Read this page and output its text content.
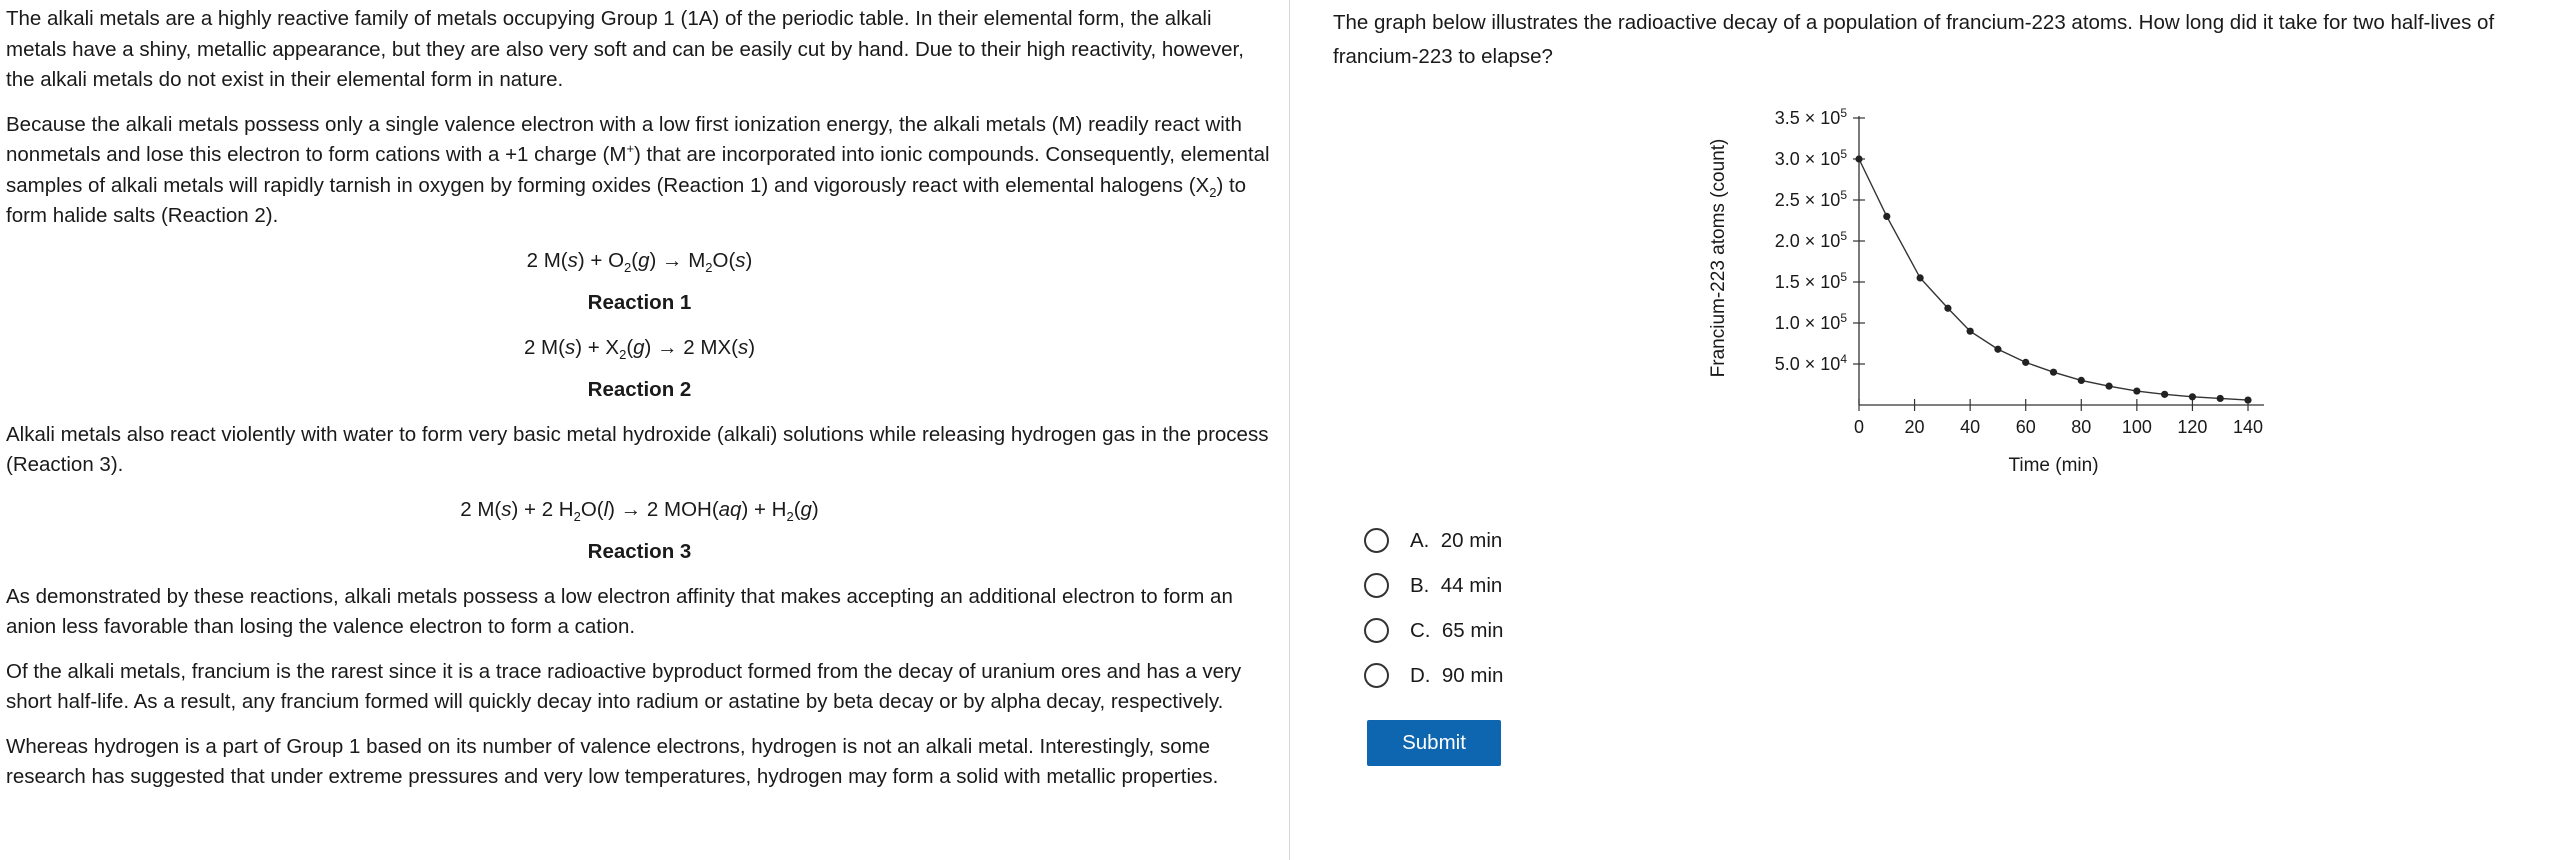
The alkali metals are a highly reactive family of metals occupying Group 1 (1A) of the periodic table. In their elemental form, the alkali metals have a shiny, metallic appearance, but they are also very soft and can be easily cut by hand. Due to their high reactivity, however, the alkali metals do not exist in their elemental form in nature.

Because the alkali metals possess only a single valence electron with a low first ionization energy, the alkali metals (M) readily react with nonmetals and lose this electron to form cations with a +1 charge (M+) that are incorporated into ionic compounds. Consequently, elemental samples of alkali metals will rapidly tarnish in oxygen by forming oxides (Reaction 1) and vigorously react with elemental halogens $(X_2)$ to form halide salts (Reaction 2).

2 $M(s) + O_2(g) \to M_2O(s)$
Reaction 1
2 $M(s) + X_2(g) \to 2$ MX(s)
Reaction 2

Alkali metals also react violently with water to form very basic metal hydroxide (alkali) solutions while releasing hydrogen gas in the process (Reaction 3).

2 M(s) + 2 $H_2O(l) \to 2$ $MOH(aq) + H_2(g)$
Reaction 3

As demonstrated by these reactions, alkali metals possess a low electron affinity that makes accepting an additional electron to form an anion less favorable than losing the valence electron to form a cation.

Of the alkali metals, francium is the rarest since it is a trace radioactive byproduct formed from the decay of uranium ores and has a very short half-life. As a result, any francium formed will quickly decay into radium or astatine by beta decay or by alpha decay, respectively.

Whereas hydrogen is a part of Group 1 based on its number of valence electrons, hydrogen is not an alkali metal. Interestingly, some research has suggested that under extreme pressures and very low temperatures, hydrogen may form a solid with metallic properties.

The graph below illustrates the radioactive decay of a population of francium-223 atoms. How long did it take for two half-lives of francium-223 to elapse?

$5.0 \times 10^4$
$1.0 \times 10^5$
$1.5 \times 10^5$
$2.0 \times 10^5$
$2.5 \times 10^5$
$3.0 \times 10^5$
$3.5 \times 10^5$
0 20 40 60 80 100 120 140
Time (min)
Francium-223 atoms (count)
A.  20 min
B.  44 min
C.  65 min
D.  90 min
Submit
